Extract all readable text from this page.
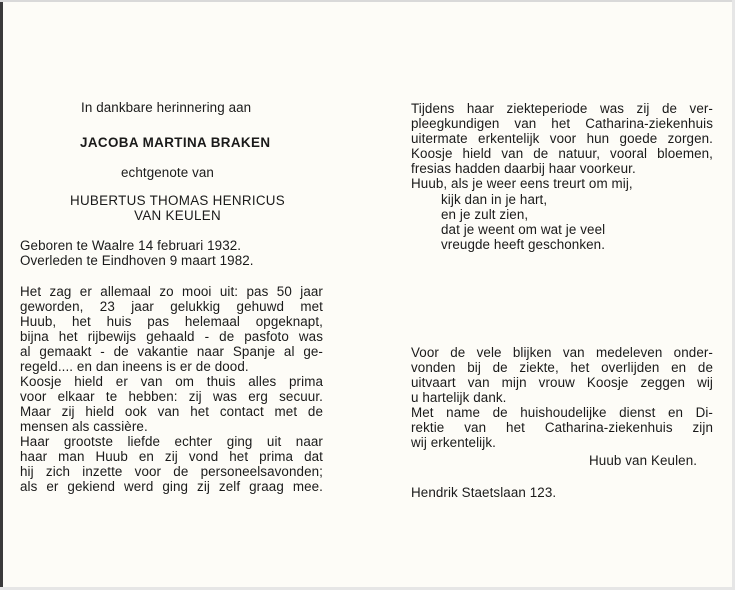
In dankbare herinnering aan
JACOBA MARTINA BRAKEN
echtgenote van
HUBERTUS THOMAS HENRICUS
VAN KEULEN
Geboren te Waalre 14 februari 1932.
Overleden te Eindhoven 9 maart 1982.
Het zag er allemaal zo mooi uit: pas 50 jaar
geworden, 23 jaar gelukkig gehuwd met
Huub, het huis pas helemaal opgeknapt,
bijna het rijbewijs gehaald - de pasfoto was
al gemaakt - de vakantie naar Spanje al ge-
regeld.... en dan ineens is er de dood.
Koosje hield er van om thuis alles prima
voor elkaar te hebben: zij was erg secuur.
Maar zij hield ook van het contact met de
mensen als cassière.
Haar grootste liefde echter ging uit naar
haar man Huub en zij vond het prima dat
hij zich inzette voor de personeelsavonden;
als er gekiend werd ging zij zelf graag mee.
Tijdens haar ziekteperiode was zij de ver-
pleegkundigen van het Catharina-ziekenhuis
uitermate erkentelijk voor hun goede zorgen.
Koosje hield van de natuur, vooral bloemen,
fresias hadden daarbij haar voorkeur.
Huub, als je weer eens treurt om mij,
kijk dan in je hart,
en je zult zien,
dat je weent om wat je veel
vreugde heeft geschonken.
Voor de vele blijken van medeleven onder-
vonden bij de ziekte, het overlijden en de
uitvaart van mijn vrouw Koosje zeggen wij
u hartelijk dank.
Met name de huishoudelijke dienst en Di-
rektie van het Catharina-ziekenhuis zijn
wij erkentelijk.
Huub van Keulen.
Hendrik Staetslaan 123.
